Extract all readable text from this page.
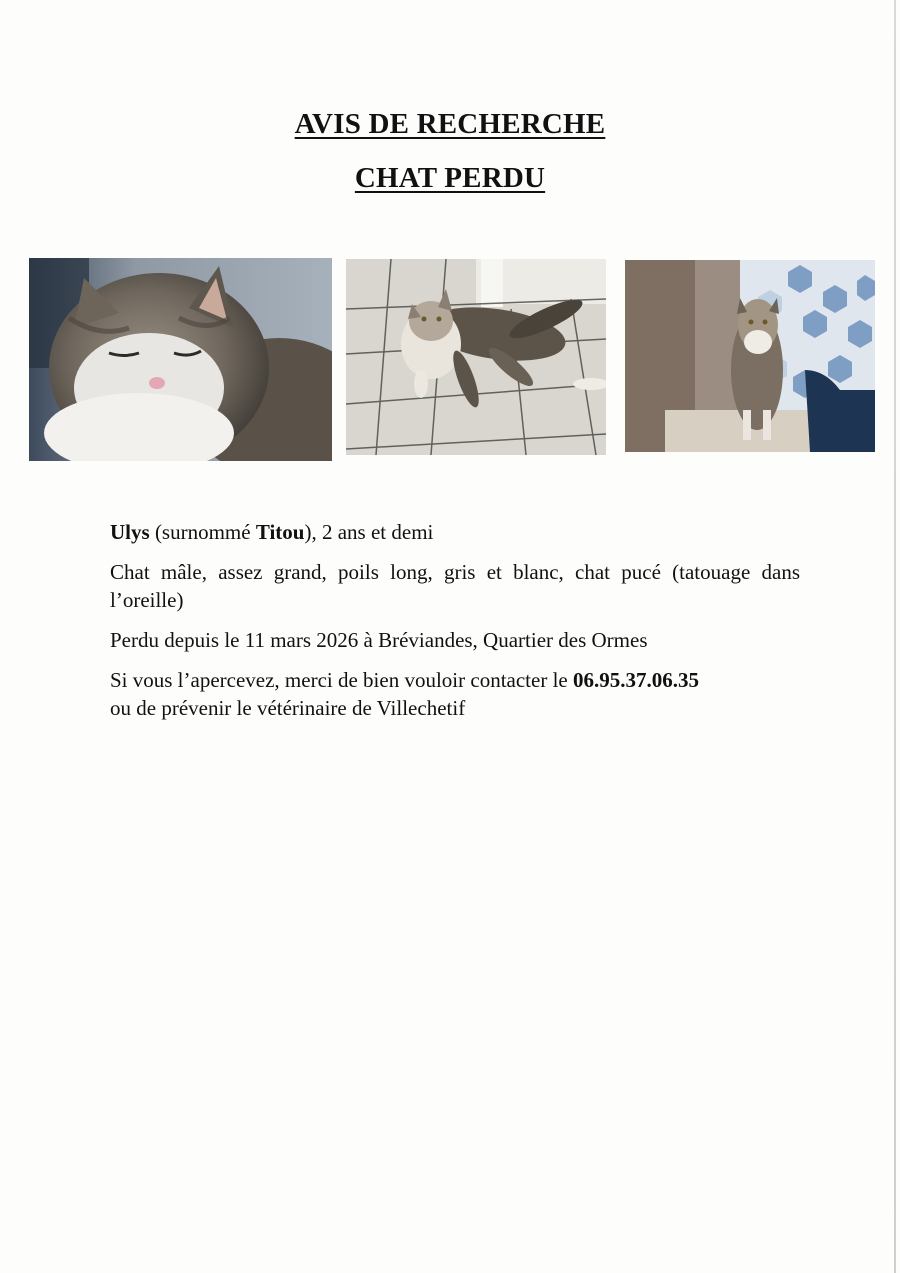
AVIS DE RECHERCHE
CHAT PERDU

Ulys (surnommé Titou), 2 ans et demi

Chat mâle, assez grand, poils long, gris et blanc, chat pucé (tatouage dans l’oreille)

Perdu depuis le 11 mars 2026 à Bréviandes, Quartier des Ormes

Si vous l’apercevez, merci de bien vouloir contacter le 06.95.37.06.35
ou de prévenir le vétérinaire de Villechetif
